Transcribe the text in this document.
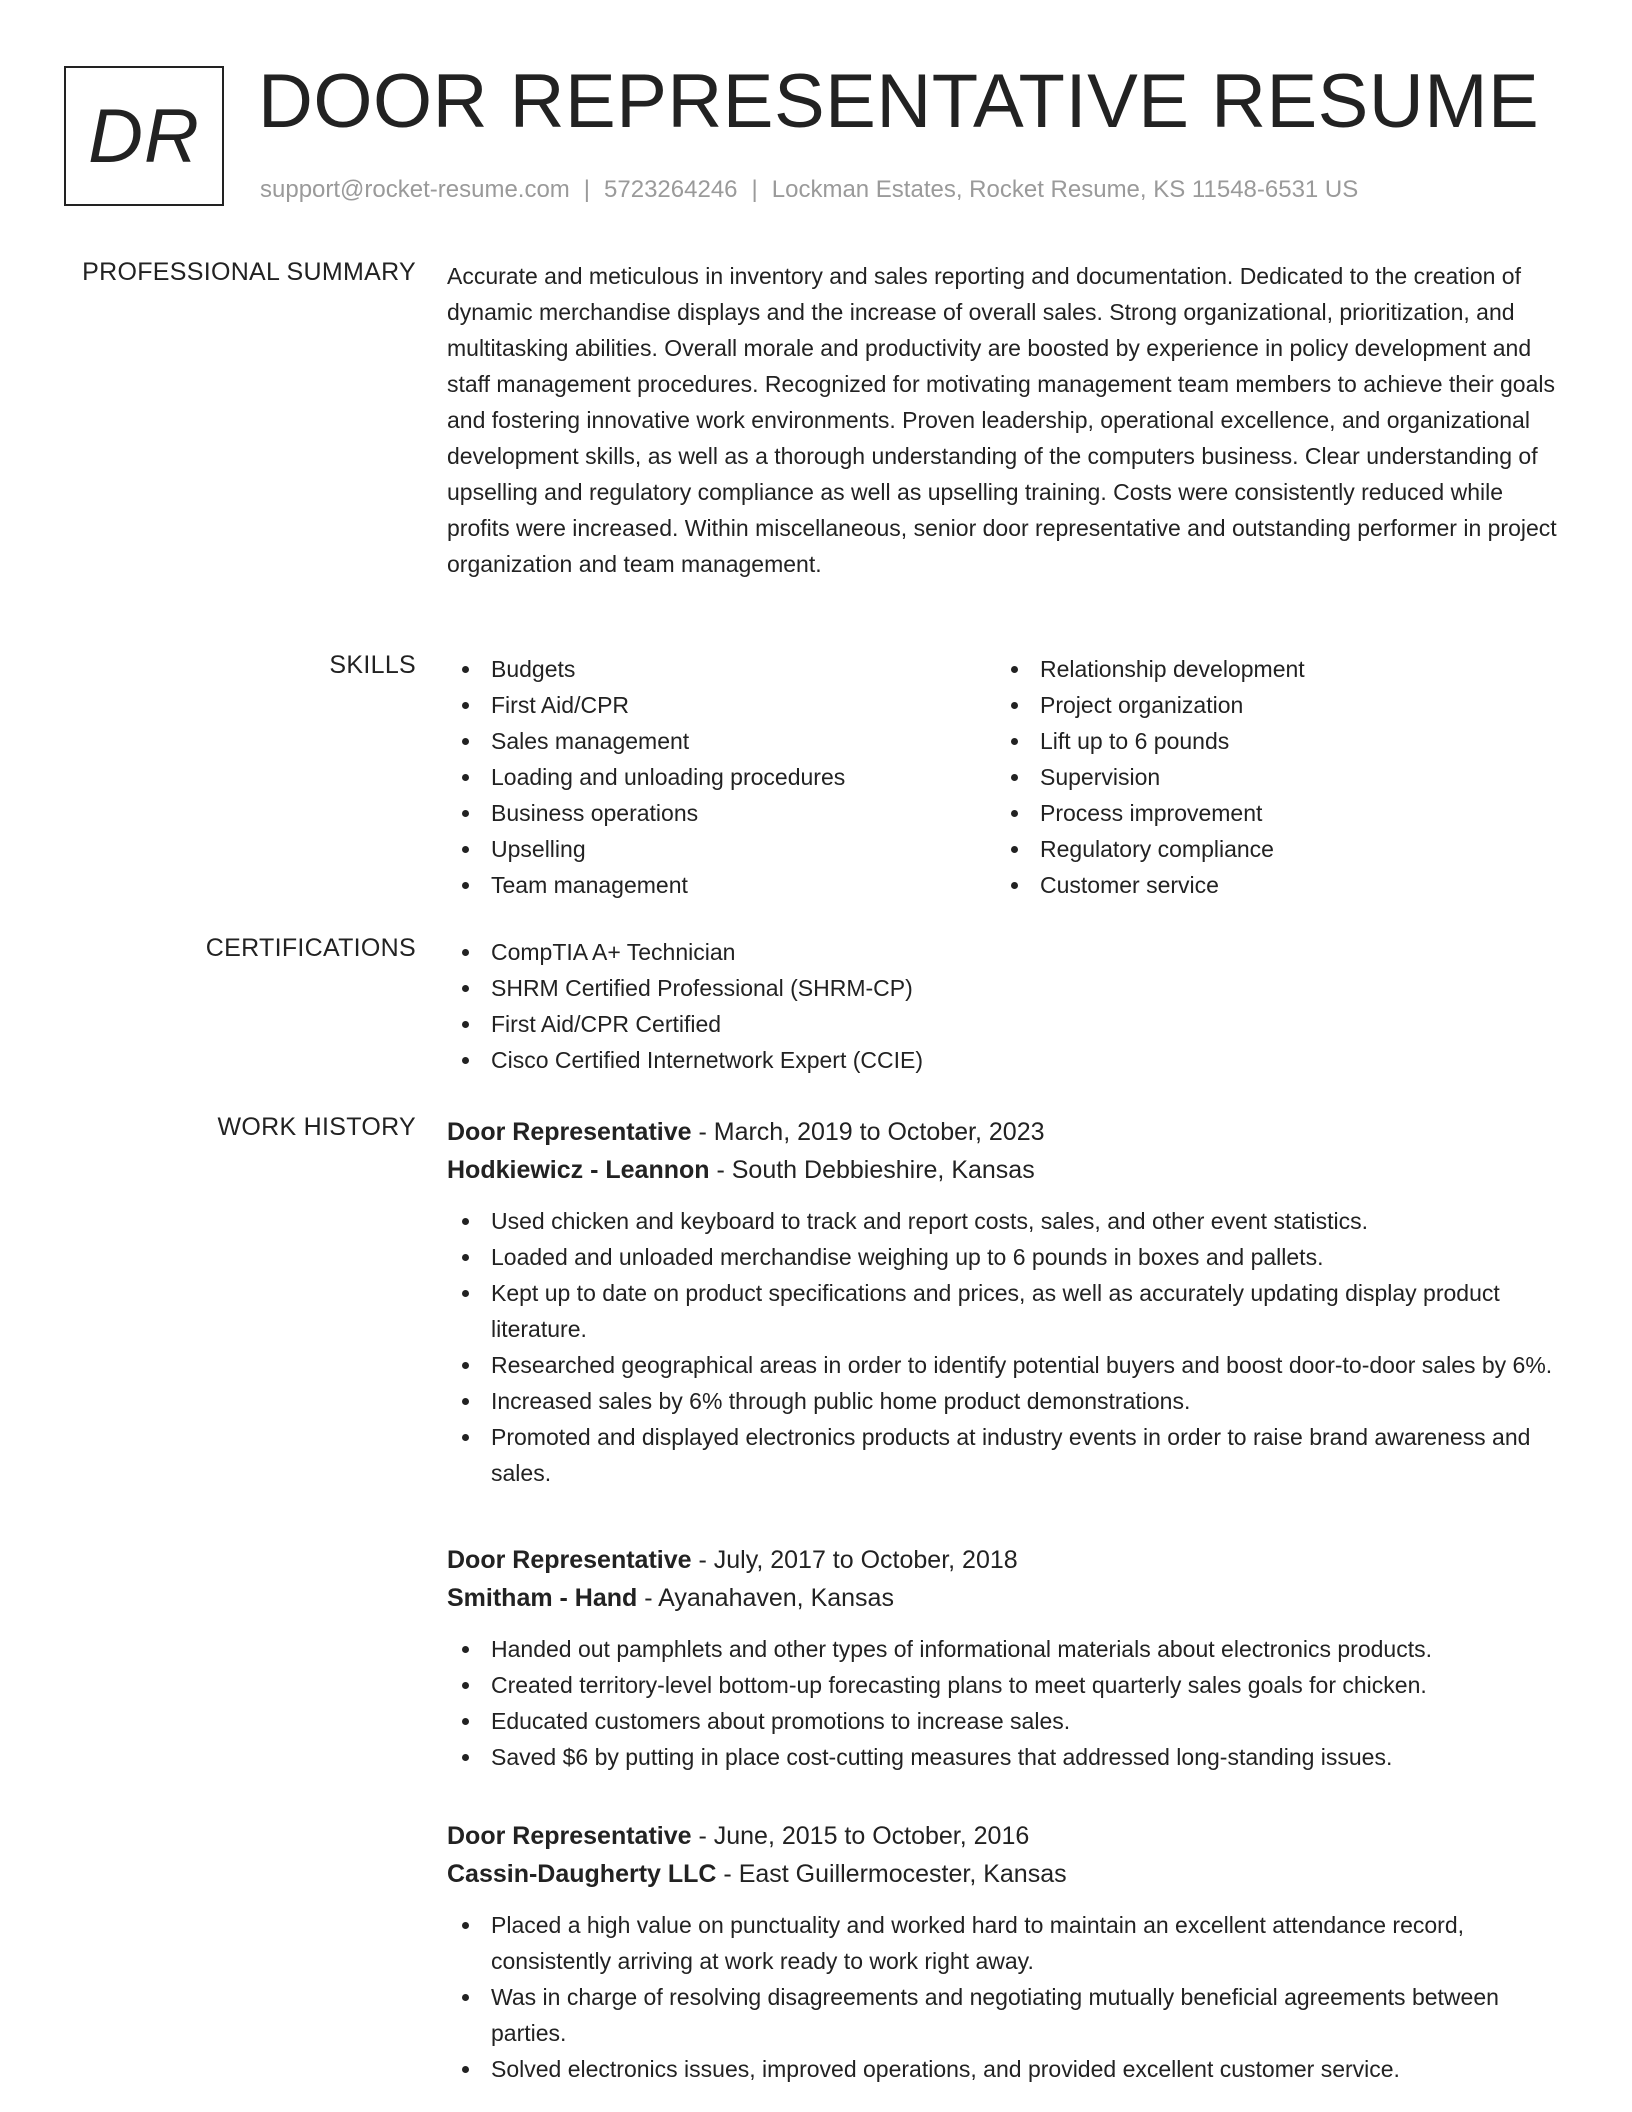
DR DOOR REPRESENTATIVE RESUME
support@rocket-resume.com | 5723264246 | Lockman Estates, Rocket Resume, KS 11548-6531 US
PROFESSIONAL SUMMARY Accurate and meticulous in inventory and sales reporting and documentation. Dedicated to the creation of dynamic merchandise displays and the increase of overall sales. Strong organizational, prioritization, and multitasking abilities. Overall morale and productivity are boosted by experience in policy development and staff management procedures. Recognized for motivating management team members to achieve their goals and fostering innovative work environments. Proven leadership, operational excellence, and organizational development skills, as well as a thorough understanding of the computers business. Clear understanding of upselling and regulatory compliance as well as upselling training. Costs were consistently reduced while profits were increased. Within miscellaneous, senior door representative and outstanding performer in project organization and team management.

SKILLS	Budgets
First Aid/CPR
Sales management
Loading and unloading procedures
Business operations
Upselling
Team management
Relationship development
Project organization
Lift up to 6 pounds
Supervision
Process improvement
Regulatory compliance
Customer service
CERTIFICATIONS	CompTIA A+ Technician
SHRM Certified Professional (SHRM-CP)
First Aid/CPR Certified
Cisco Certified Internetwork Expert (CCIE)
WORK HISTORY Door Representative - March, 2019 to October, 2023
Hodkiewicz - Leannon - South Debbieshire, Kansas
Used chicken and keyboard to track and report costs, sales, and other event statistics.
Loaded and unloaded merchandise weighing up to 6 pounds in boxes and pallets.
Kept up to date on product specifications and prices, as well as accurately updating display product literature.
Researched geographical areas in order to identify potential buyers and boost door-to-door sales by 6%.
Increased sales by 6% through public home product demonstrations.
Promoted and displayed electronics products at industry events in order to raise brand awareness and sales.
Door Representative - July, 2017 to October, 2018
Smitham - Hand - Ayanahaven, Kansas
Handed out pamphlets and other types of informational materials about electronics products.
Created territory-level bottom-up forecasting plans to meet quarterly sales goals for chicken.
Educated customers about promotions to increase sales.
Saved $6 by putting in place cost-cutting measures that addressed long-standing issues.
Door Representative - June, 2015 to October, 2016
Cassin-Daugherty LLC - East Guillermocester, Kansas
Placed a high value on punctuality and worked hard to maintain an excellent attendance record, consistently arriving at work ready to work right away.
Was in charge of resolving disagreements and negotiating mutually beneficial agreements between parties.
Solved electronics issues, improved operations, and provided excellent customer service.
